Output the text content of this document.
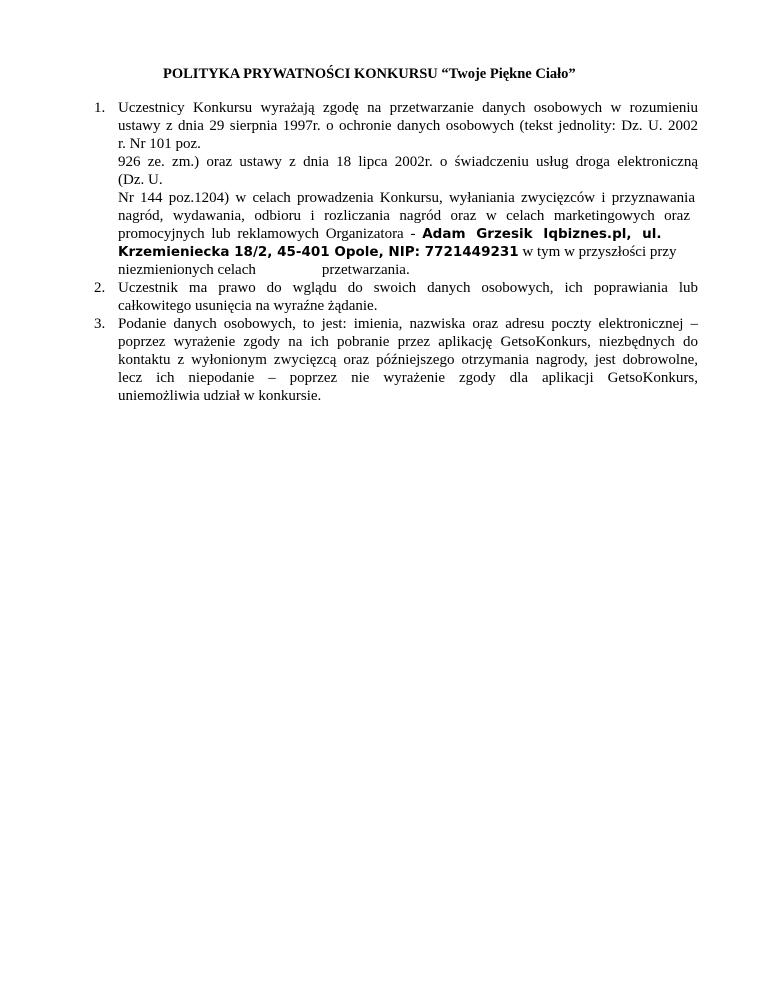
POLITYKA PRYWATNOŚCI KONKURSU “Twoje Piękne Ciało”

1. Uczestnicy Konkursu wyrażają zgodę na przetwarzanie danych osobowych w rozumieniu

ustawy z dnia 29 sierpnia 1997r. o ochronie danych osobowych (tekst jednolity: Dz. U. 2002

r. Nr 101 poz.

926 ze. zm.) oraz ustawy z dnia 18 lipca 2002r. o świadczeniu usług droga elektroniczną

(Dz. U.

Nr 144 poz.1204) w celach prowadzenia Konkursu, wyłaniania zwycięzców i przyznawania

nagród, wydawania, odbioru i rozliczania nagród oraz w celach marketingowych oraz

promocyjnych lub reklamowych Organizatora - Adam Grzesik Iqbiznes.pl, ul.

Krzemieniecka 18/2, 45-401 Opole, NIP: 7721449231 w tym w przyszłości przy

niezmienionych celach	przetwarzania.

2. Uczestnik ma prawo do wglądu do swoich danych osobowych, ich poprawiania lub

całkowitego usunięcia na wyraźne żądanie.

3. Podanie danych osobowych, to jest: imienia, nazwiska oraz adresu poczty elektronicznej –

poprzez wyrażenie zgody na ich pobranie przez aplikację GetsoKonkurs, niezbędnych do

kontaktu z wyłonionym zwycięzcą oraz późniejszego otrzymania nagrody, jest dobrowolne,

lecz ich niepodanie – poprzez nie wyrażenie zgody dla aplikacji GetsoKonkurs,

uniemożliwia udział w konkursie.
